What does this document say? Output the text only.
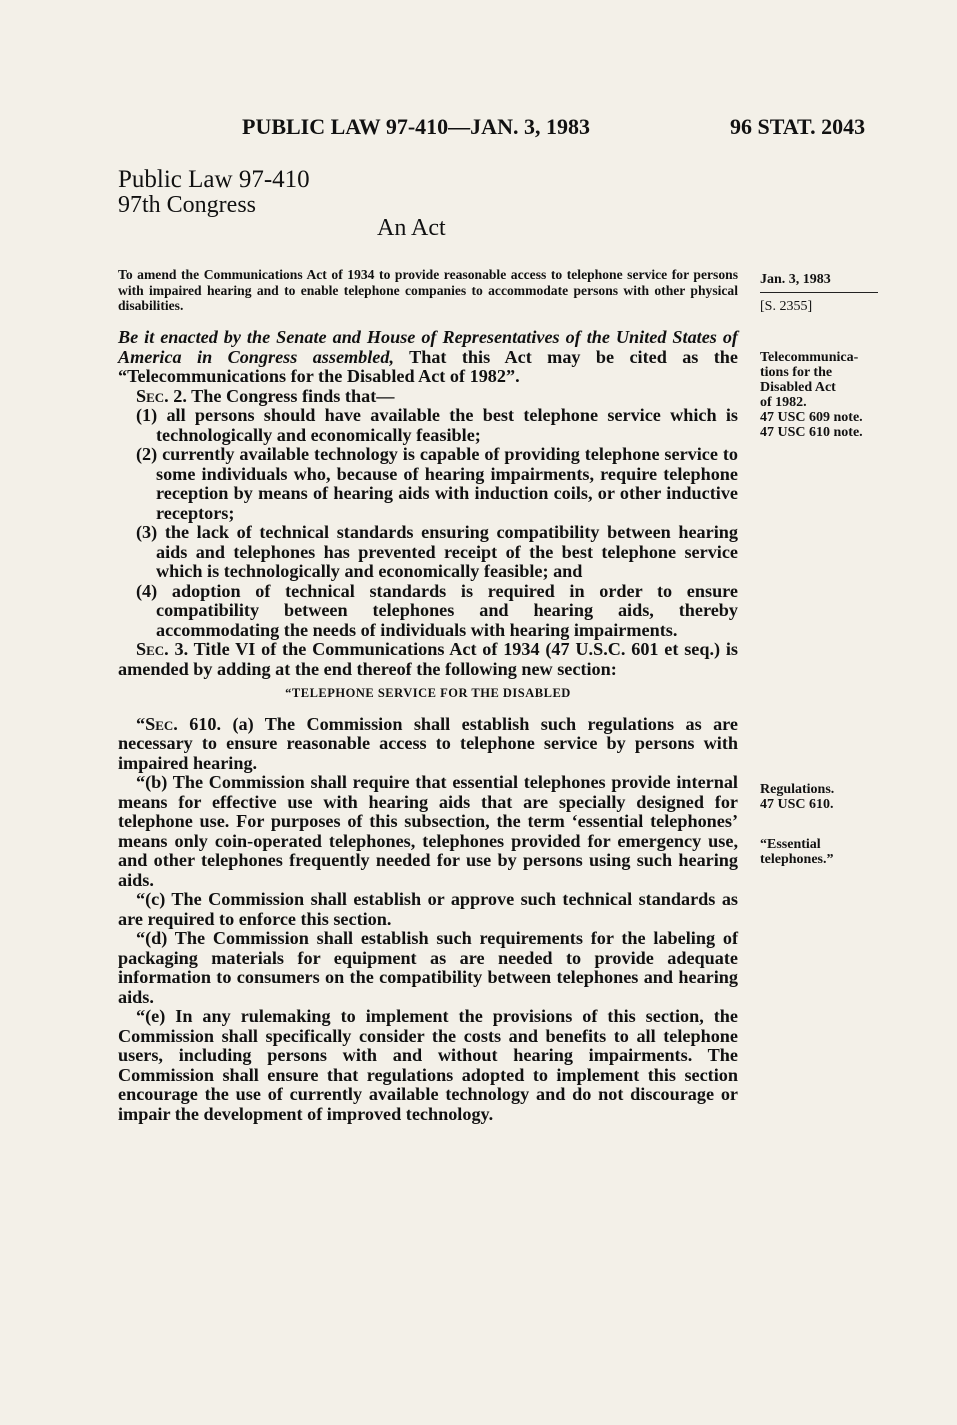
PUBLIC LAW 97-410—JAN. 3, 1983	96 STAT. 2043
Public Law 97-410
97th Congress
An Act
To amend the Communications Act of 1934 to provide reasonable access to telephone service for persons with impaired hearing and to enable telephone companies to accommodate persons with other physical disabilities.
Jan. 3, 1983
[S. 2355]
Telecommunica-
tions for the
Disabled Act
of 1982.
47 USC 609 note.
47 USC 610 note.
Regulations.
47 USC 610.
“Essential
telephones.”

Be it enacted by the Senate and House of Representatives of the United States of America in Congress assembled, That this Act may be cited as the “Telecommunications for the Disabled Act of 1982”.

Sec. 2. The Congress finds that—

(1) all persons should have available the best telephone service which is technologically and economically feasible;

(2) currently available technology is capable of providing telephone service to some individuals who, because of hearing impairments, require telephone reception by means of hearing aids with induction coils, or other inductive receptors;

(3) the lack of technical standards ensuring compatibility between hearing aids and telephones has prevented receipt of the best telephone service which is technologically and economically feasible; and

(4) adoption of technical standards is required in order to ensure compatibility between telephones and hearing aids, thereby accommodating the needs of individuals with hearing impairments.

Sec. 3. Title VI of the Communications Act of 1934 (47 U.S.C. 601 et seq.) is amended by adding at the end thereof the following new section:

“TELEPHONE SERVICE FOR THE DISABLED

“Sec. 610. (a) The Commission shall establish such regulations as are necessary to ensure reasonable access to telephone service by persons with impaired hearing.

“(b) The Commission shall require that essential telephones provide internal means for effective use with hearing aids that are specially designed for telephone use. For purposes of this subsection, the term ‘essential telephones’ means only coin-operated telephones, telephones provided for emergency use, and other telephones frequently needed for use by persons using such hearing aids.

“(c) The Commission shall establish or approve such technical standards as are required to enforce this section.

“(d) The Commission shall establish such requirements for the labeling of packaging materials for equipment as are needed to provide adequate information to consumers on the compatibility between telephones and hearing aids.

“(e) In any rulemaking to implement the provisions of this section, the Commission shall specifically consider the costs and benefits to all telephone users, including persons with and without hearing impairments. The Commission shall ensure that regulations adopted to implement this section encourage the use of currently available technology and do not discourage or impair the development of improved technology.
